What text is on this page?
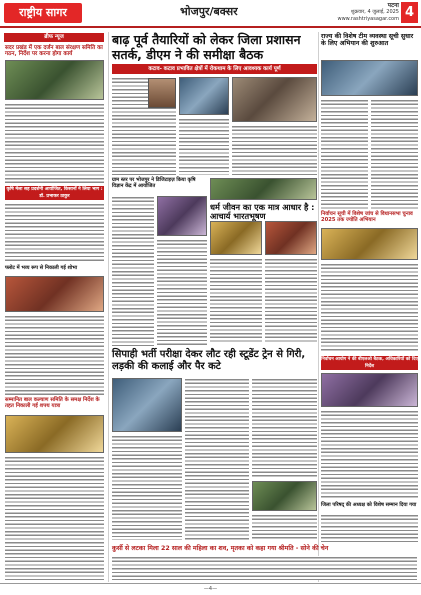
राष्ट्रीय सागर	भोजपुर/बक्सर	पटना
शुक्रवार, 4 जुलाई, 2025
www.rashtriyasagar.com 4
ब्रीफ न्यूज
सदर प्रखंड में एक दर्जन बाल संरक्षण समिति का गठन, निर्देश पर करना होगा कार्य
कृषि मेला सह प्रदर्शनी आयोजित, किसानों ने लिया भाग : डॉ. प्रभाकर ठाकुर
फ्लोट में भव्य रूप से निकाली गई शोभा
सम्मानित बाल कल्याण समिति के समक्ष निर्देश के तहत निकाली गई शपथ यात्रा
बाढ़ पूर्व तैयारियों को लेकर जिला प्रशासन सतर्क, डीएम ने की समीक्षा बैठक
कटाव- कटाव प्रभावित क्षेत्रों में रोकथाम के लिए आवश्यक कार्य पूर्ण
ग्राम स्तर पर भोजपुर ने डिजिटाइज़ किया कृषि विज्ञान केंद्र में आयोजित
धर्म जीवन का एक मात्र आधार है : आचार्य भारतभूषण
सिपाही भर्ती परीक्षा देकर लौट रही स्टूडेंट ट्रेन से गिरी, लड़की की कलाई और पैर कटे
कुर्सी से लटका मिला 22 साल की महिला का शव, मृतका को कहा गया श्रीमति - सोने की चेन
राज्य की विशेष टीम व्यवस्था सूची सुधार के लिए अभियान की शुरुआत
निर्वाचन सूची में विशेष जांच से विधानसभा चुनाव 2025 तक ज्योति अभियान
निर्वाचन आयोग ने की बीएलओ बैठक, अधिकारियों को दिए निर्देश
जिला परिषद् की अध्यक्ष को विशेष सम्मान दिया गया
—4—
